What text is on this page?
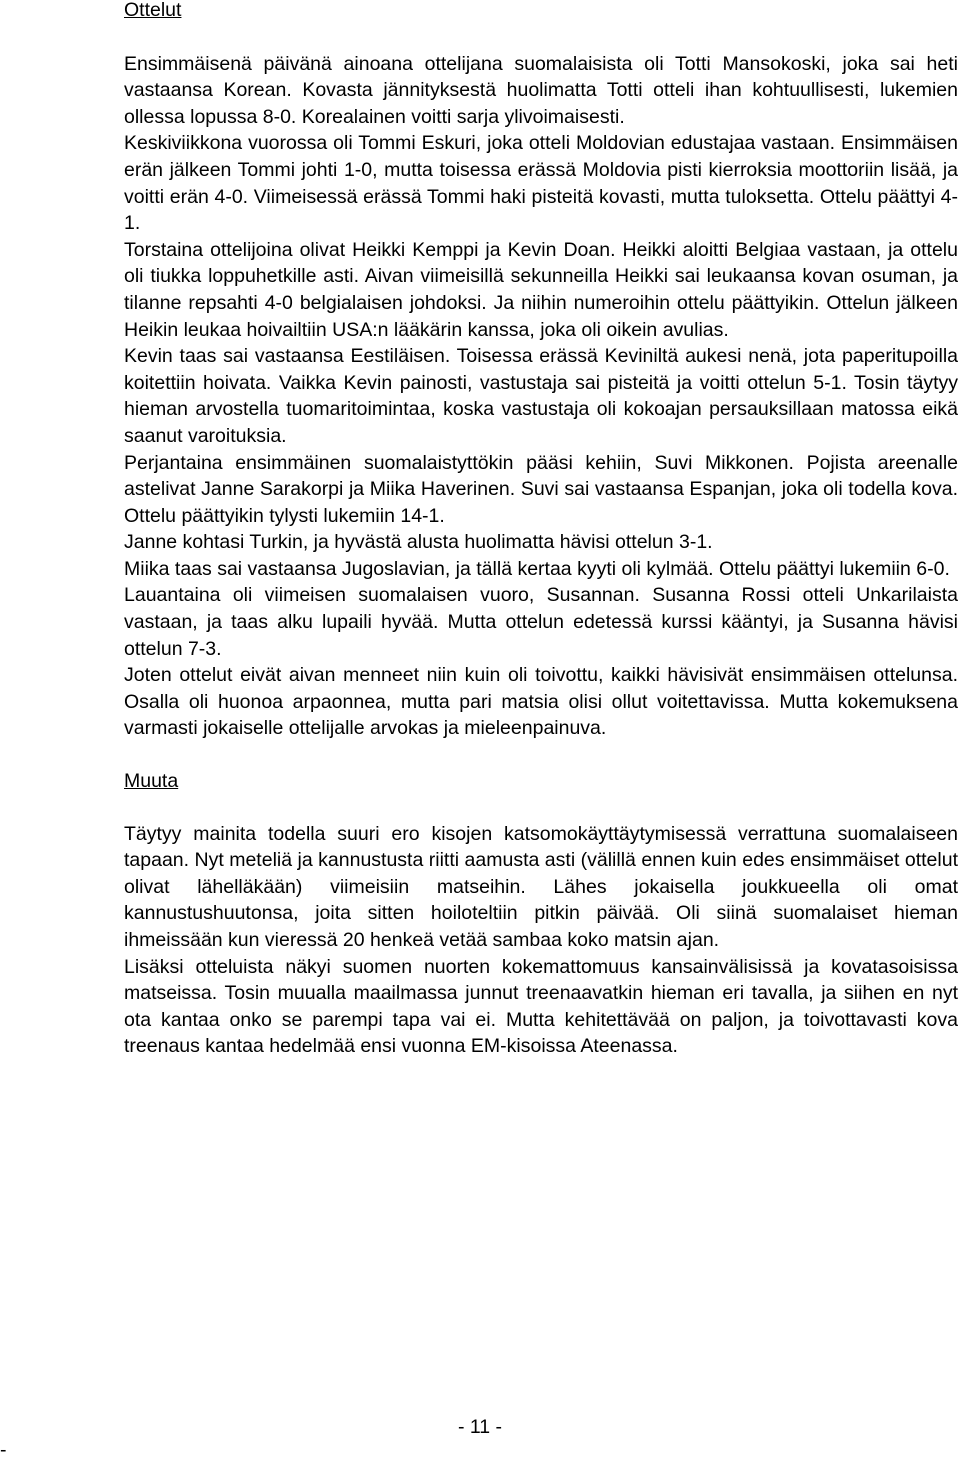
Ottelut

Ensimmäisenä päivänä ainoana ottelijana suomalaisista oli Totti Mansokoski, joka sai heti vastaansa Korean. Kovasta jännityksestä huolimatta Totti otteli ihan kohtuullisesti, lukemien ollessa lopussa 8-0. Korealainen voitti sarja ylivoimaisesti.

Keskiviikkona vuorossa oli Tommi Eskuri, joka otteli Moldovian edustajaa vastaan. Ensimmäisen erän jälkeen Tommi johti 1-0, mutta toisessa erässä Moldovia pisti kierroksia moottoriin lisää, ja voitti erän 4-0. Viimeisessä erässä Tommi haki pisteitä kovasti, mutta tuloksetta. Ottelu päättyi 4-1.

Torstaina ottelijoina olivat Heikki Kemppi ja Kevin Doan. Heikki aloitti Belgiaa vastaan, ja ottelu oli tiukka loppuhetkille asti. Aivan viimeisillä sekunneilla Heikki sai leukaansa kovan osuman, ja tilanne repsahti 4-0 belgialaisen johdoksi. Ja niihin numeroihin ottelu päättyikin. Ottelun jälkeen Heikin leukaa hoivailtiin USA:n lääkärin kanssa, joka oli oikein avulias.

Kevin taas sai vastaansa Eestiläisen. Toisessa erässä Keviniltä aukesi nenä, jota paperitupoilla koitettiin hoivata. Vaikka Kevin painosti, vastustaja sai pisteitä ja voitti ottelun 5-1. Tosin täytyy hieman arvostella tuomaritoimintaa, koska vastustaja oli kokoajan persauksillaan matossa eikä saanut varoituksia.

Perjantaina ensimmäinen suomalaistyttökin pääsi kehiin, Suvi Mikkonen. Pojista areenalle astelivat Janne Sarakorpi ja Miika Haverinen. Suvi sai vastaansa Espanjan, joka oli todella kova. Ottelu päättyikin tylysti lukemiin 14-1.

Janne kohtasi Turkin, ja hyvästä alusta huolimatta hävisi ottelun 3-1.

Miika taas sai vastaansa Jugoslavian, ja tällä kertaa kyyti oli kylmää. Ottelu päättyi lukemiin 6-0.

Lauantaina oli viimeisen suomalaisen vuoro, Susannan. Susanna Rossi otteli Unkarilaista vastaan, ja taas alku lupaili hyvää. Mutta ottelun edetessä kurssi kääntyi, ja Susanna hävisi ottelun 7-3.

Joten ottelut eivät aivan menneet niin kuin oli toivottu, kaikki hävisivät ensimmäisen ottelunsa. Osalla oli huonoa arpaonnea, mutta pari matsia olisi ollut voitettavissa. Mutta kokemuksena varmasti jokaiselle ottelijalle arvokas ja mieleenpainuva.

Muuta

Täytyy mainita todella suuri ero kisojen katsomokäyttäytymisessä verrattuna suomalaiseen tapaan. Nyt meteliä ja kannustusta riitti aamusta asti (välillä ennen kuin edes ensimmäiset ottelut olivat lähelläkään) viimeisiin matseihin. Lähes jokaisella joukkueella oli omat kannustushuutonsa, joita sitten hoiloteltiin pitkin päivää. Oli siinä suomalaiset hieman ihmeissään kun vieressä 20 henkeä vetää sambaa koko matsin ajan.

Lisäksi otteluista näkyi suomen nuorten kokemattomuus kansainvälisissä ja kovatasoisissa matseissa. Tosin muualla maailmassa junnut treenaavatkin hieman eri tavalla, ja siihen en nyt ota kantaa onko se parempi tapa vai ei. Mutta kehitettävää on paljon, ja toivottavasti kova treenaus kantaa hedelmää ensi vuonna EM-kisoissa Ateenassa.

- 11 -
-
